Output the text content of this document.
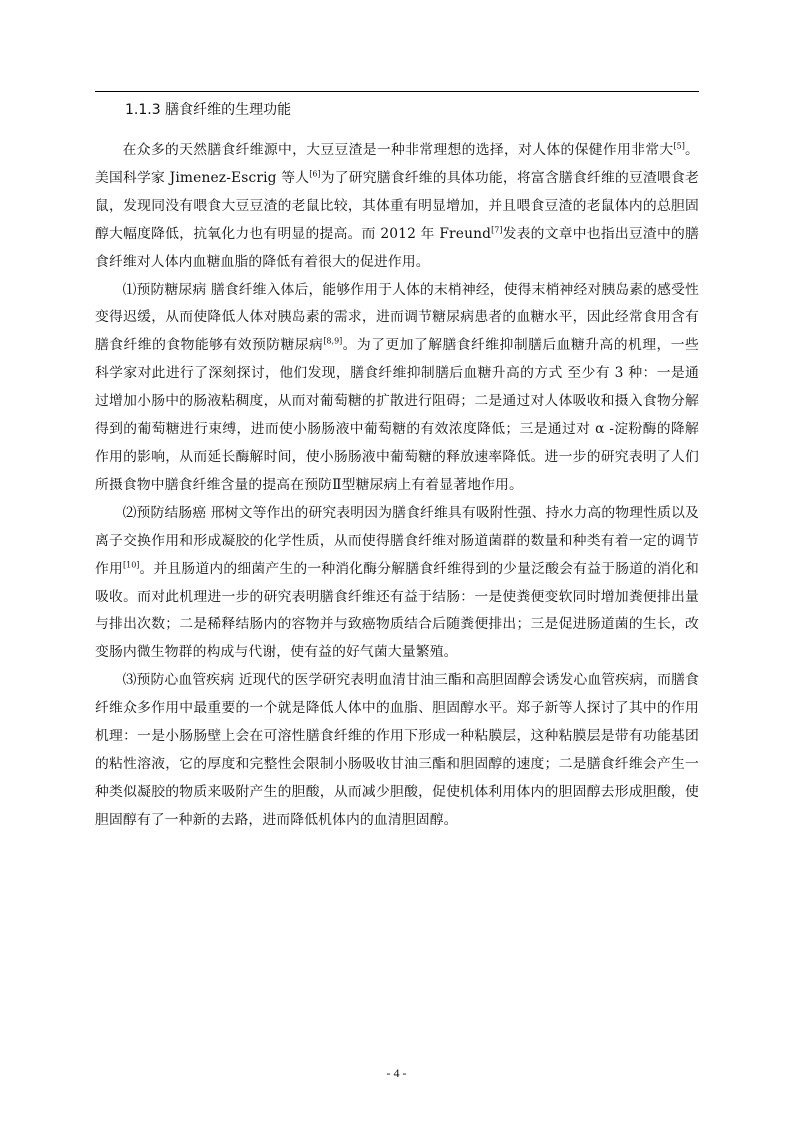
1.1.3 膳食纤维的生理功能

在众多的天然膳食纤维源中，大豆豆渣是一种非常理想的选择，对人体的保健作用非常大[5]。美国科学家 Jimenez-Escrig 等人[6]为了研究膳食纤维的具体功能，将富含膳食纤维的豆渣喂食老鼠，发现同没有喂食大豆豆渣的老鼠比较，其体重有明显增加，并且喂食豆渣的老鼠体内的总胆固醇大幅度降低，抗氧化力也有明显的提高。而 2012 年 Freund[7]发表的文章中也指出豆渣中的膳食纤维对人体内血糖血脂的降低有着很大的促进作用。

⑴预防糖尿病 膳食纤维入体后，能够作用于人体的末梢神经，使得末梢神经对胰岛素的感受性变得迟缓，从而使降低人体对胰岛素的需求，进而调节糖尿病患者的血糖水平，因此经常食用含有膳食纤维的食物能够有效预防糖尿病[8,9]。为了更加了解膳食纤维抑制膳后血糖升高的机理，一些科学家对此进行了深刻探讨，他们发现，膳食纤维抑制膳后血糖升高的方式 至少有 3 种：一是通过增加小肠中的肠液粘稠度，从而对葡萄糖的扩散进行阻碍；二是通过对人体吸收和摄入食物分解得到的葡萄糖进行束缚，进而使小肠肠液中葡萄糖的有效浓度降低；三是通过对 α -淀粉酶的降解作用的影响，从而延长酶解时间，使小肠肠液中葡萄糖的释放速率降低。进一步的研究表明了人们所摄食物中膳食纤维含量的提高在预防Ⅱ型糖尿病上有着显著地作用。

⑵预防结肠癌 邢树文等作出的研究表明因为膳食纤维具有吸附性强、持水力高的物理性质以及离子交换作用和形成凝胶的化学性质，从而使得膳食纤维对肠道菌群的数量和种类有着一定的调节作用[10]。并且肠道内的细菌产生的一种消化酶分解膳食纤维得到的少量泛酸会有益于肠道的消化和吸收。而对此机理进一步的研究表明膳食纤维还有益于结肠：一是使粪便变软同时增加粪便排出量与排出次数；二是稀释结肠内的容物并与致癌物质结合后随粪便排出；三是促进肠道菌的生长，改变肠内微生物群的构成与代谢，使有益的好气菌大量繁殖。

⑶预防心血管疾病 近现代的医学研究表明血清甘油三酯和高胆固醇会诱发心血管疾病，而膳食纤维众多作用中最重要的一个就是降低人体中的血脂、胆固醇水平。郑子新等人探讨了其中的作用机理：一是小肠肠壁上会在可溶性膳食纤维的作用下形成一种粘膜层，这种粘膜层是带有功能基团的粘性溶液，它的厚度和完整性会限制小肠吸收甘油三酯和胆固醇的速度；二是膳食纤维会产生一种类似凝胶的物质来吸附产生的胆酸，从而减少胆酸，促使机体利用体内的胆固醇去形成胆酸，使胆固醇有了一种新的去路，进而降低机体内的血清胆固醇。

- 4 -
